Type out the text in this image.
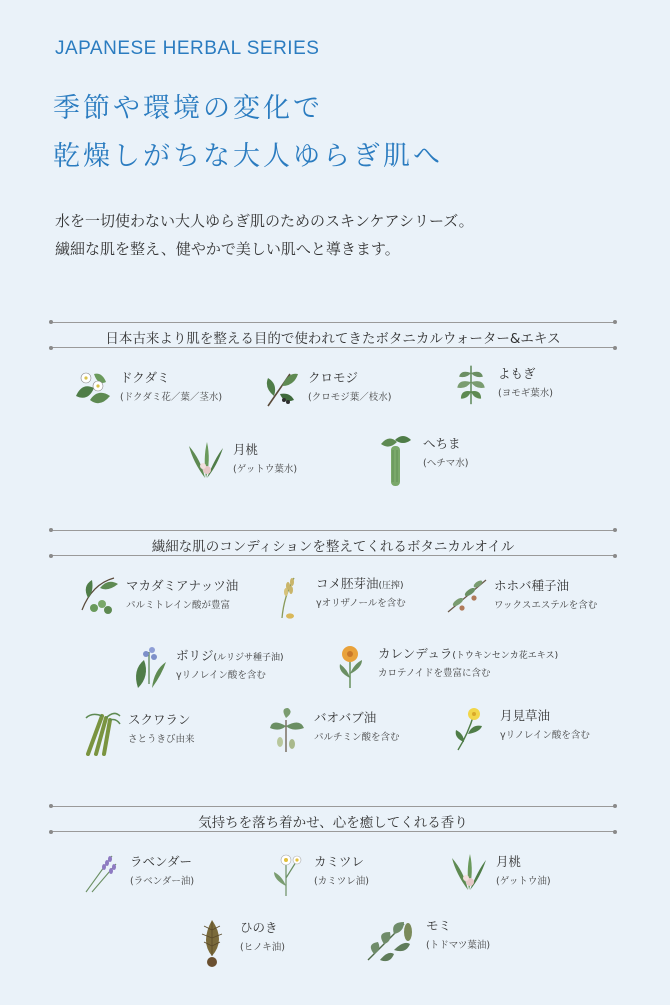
JAPANESE HERBAL SERIES
季節や環境の変化で
乾燥しがちな大人ゆらぎ肌へ
水を一切使わない大人ゆらぎ肌のためのスキンケアシリーズ。
繊細な肌を整え、健やかで美しい肌へと導きます。
日本古来より肌を整える目的で使われてきたボタニカルウォーター&エキス
ドクダミ
(ドクダミ花／葉／茎水)
クロモジ
(クロモジ葉／枝水)
よもぎ
(ヨモギ葉水)
月桃
(ゲットウ葉水)
へちま
(ヘチマ水)
繊細な肌のコンディションを整えてくれるボタニカルオイル
マカダミアナッツ油
パルミトレイン酸が豊富
コメ胚芽油(圧搾)
γオリザノールを含む
ホホバ種子油
ワックスエステルを含む
ボリジ(ルリジサ種子油)
γリノレイン酸を含む
カレンデュラ(トウキンセンカ花エキス)
カロテノイドを豊富に含む
スクワラン
さとうきび由来
バオバブ油
パルチミン酸を含む
月見草油
γリノレイン酸を含む
気持ちを落ち着かせ、心を癒してくれる香り
ラベンダー
(ラベンダー油)
カミツレ
(カミツレ油)
月桃
(ゲットウ油)
ひのき
(ヒノキ油)
モミ
(トドマツ葉油)
